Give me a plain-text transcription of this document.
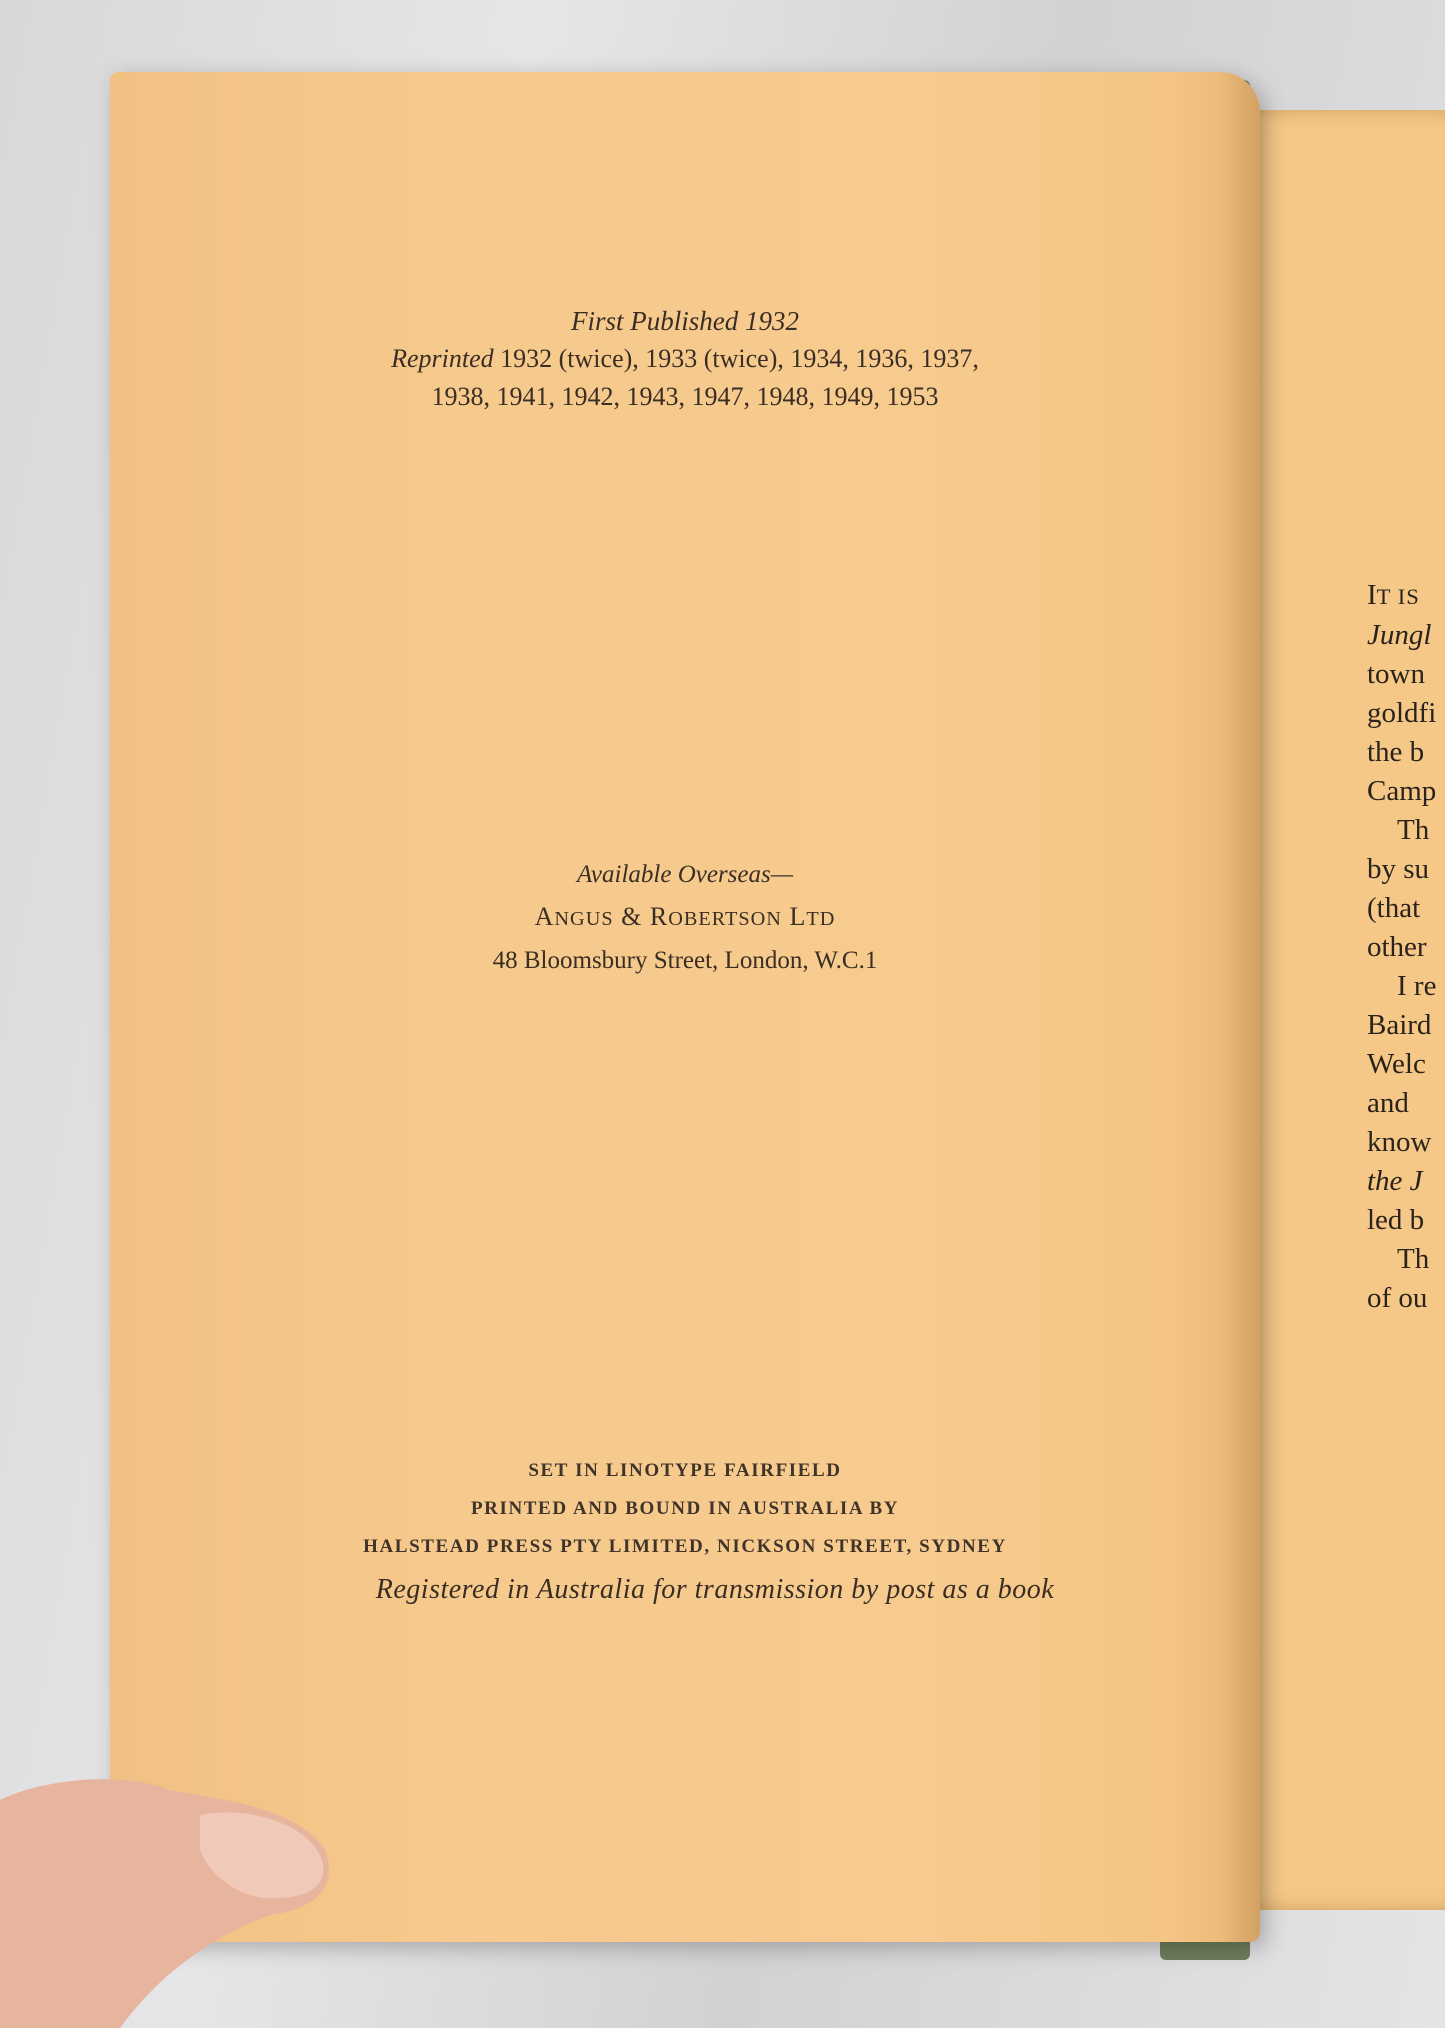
IT IS
Jungl
town
goldfi
the b
Camp
Th
by su
(that
other
I re
Baird
Welc
and
know
the J
led b
Th
of ou
First Published 1932
Reprinted 1932 (twice), 1933 (twice), 1934, 1936, 1937,
1938, 1941, 1942, 1943, 1947, 1948, 1949, 1953
Available Overseas—
ANGUS & ROBERTSON LTD
48 Bloomsbury Street, London, W.C.1
SET IN LINOTYPE FAIRFIELD
PRINTED AND BOUND IN AUSTRALIA BY
HALSTEAD PRESS PTY LIMITED, NICKSON STREET, SYDNEY
Registered in Australia for transmission by post as a book
